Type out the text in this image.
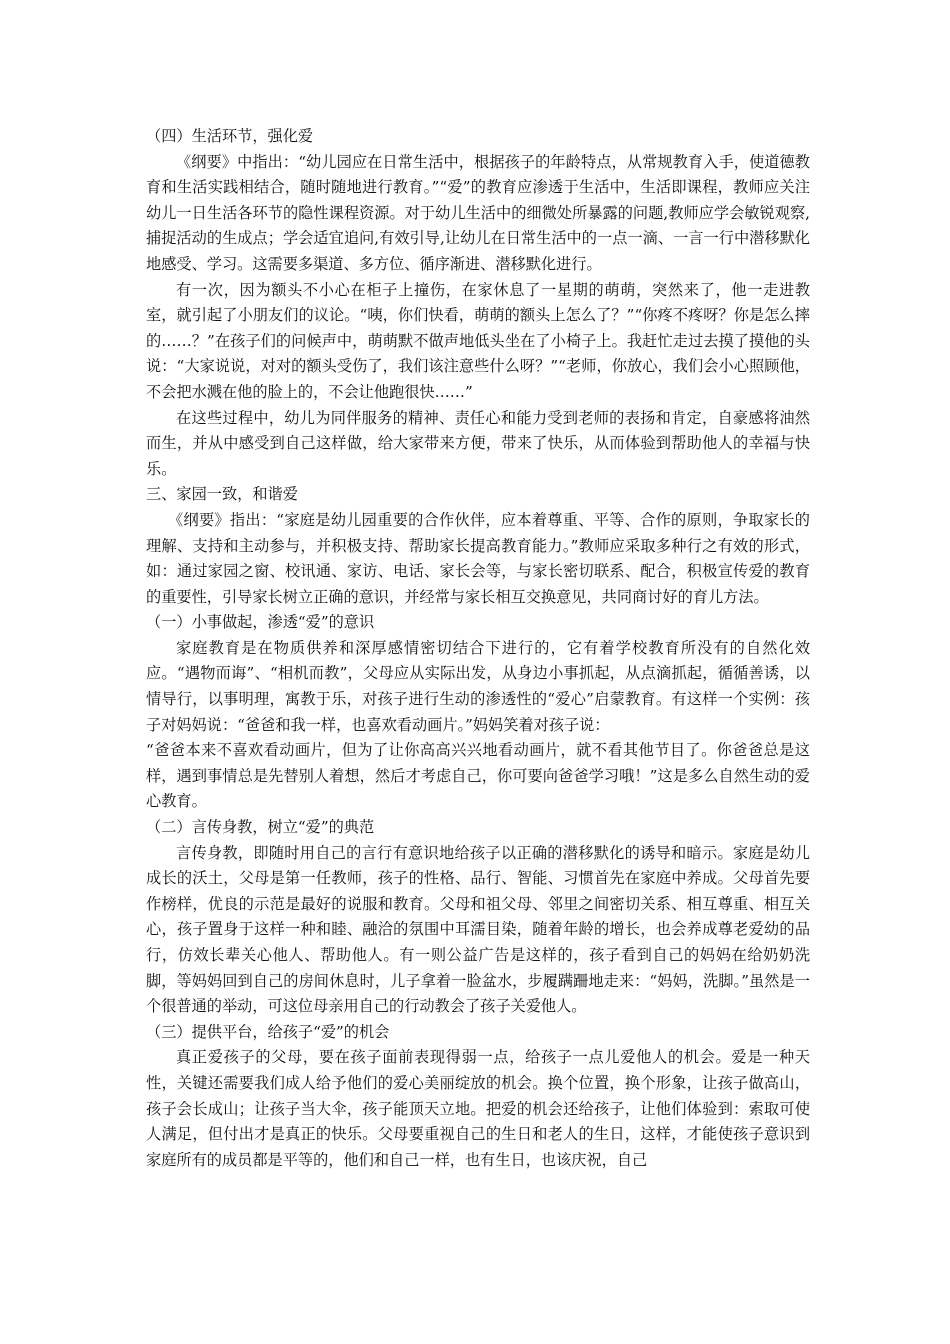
（四）生活环节，强化爱

《纲要》中指出：“幼儿园应在日常生活中，根据孩子的年龄特点，从常规教育入手，使道德教育和生活实践相结合，随时随地进行教育。”“爱”的教育应渗透于生活中，生活即课程，教师应关注幼儿一日生活各环节的隐性课程资源。对于幼儿生活中的细微处所暴露的问题,教师应学会敏锐观察,捕捉活动的生成点；学会适宜追问,有效引导,让幼儿在日常生活中的一点一滴、一言一行中潜移默化地感受、学习。这需要多渠道、多方位、循序渐进、潜移默化进行。

有一次，因为额头不小心在柜子上撞伤，在家休息了一星期的萌萌，突然来了，他一走进教室，就引起了小朋友们的议论。“咦，你们快看，萌萌的额头上怎么了？”“你疼不疼呀？你是怎么摔的……？”在孩子们的问候声中，萌萌默不做声地低头坐在了小椅子上。我赶忙走过去摸了摸他的头说：“大家说说，对对的额头受伤了，我们该注意些什么呀？”“老师，你放心，我们会小心照顾他，不会把水溅在他的脸上的，不会让他跑很快……”

在这些过程中，幼儿为同伴服务的精神、责任心和能力受到老师的表扬和肯定，自豪感将油然而生，并从中感受到自己这样做，给大家带来方便，带来了快乐，从而体验到帮助他人的幸福与快乐。

三、家园一致，和谐爱

《纲要》指出：“家庭是幼儿园重要的合作伙伴，应本着尊重、平等、合作的原则，争取家长的理解、支持和主动参与，并积极支持、帮助家长提高教育能力。”教师应采取多种行之有效的形式，如：通过家园之窗、校讯通、家访、电话、家长会等，与家长密切联系、配合，积极宣传爱的教育的重要性，引导家长树立正确的意识，并经常与家长相互交换意见，共同商讨好的育儿方法。

（一）小事做起，渗透“爱”的意识

家庭教育是在物质供养和深厚感情密切结合下进行的，它有着学校教育所没有的自然化效应。“遇物而诲”、“相机而教”，父母应从实际出发，从身边小事抓起，从点滴抓起，循循善诱，以情导行，以事明理，寓教于乐，对孩子进行生动的渗透性的“爱心”启蒙教育。有这样一个实例：孩子对妈妈说：“爸爸和我一样，也喜欢看动画片。”妈妈笑着对孩子说：

“爸爸本来不喜欢看动画片，但为了让你高高兴兴地看动画片，就不看其他节目了。你爸爸总是这样，遇到事情总是先替别人着想，然后才考虑自己，你可要向爸爸学习哦！”这是多么自然生动的爱心教育。

（二）言传身教，树立“爱”的典范

言传身教，即随时用自己的言行有意识地给孩子以正确的潜移默化的诱导和暗示。家庭是幼儿成长的沃土，父母是第一任教师，孩子的性格、品行、智能、习惯首先在家庭中养成。父母首先要作榜样，优良的示范是最好的说服和教育。父母和祖父母、邻里之间密切关系、相互尊重、相互关心，孩子置身于这样一种和睦、融洽的氛围中耳濡目染，随着年龄的增长，也会养成尊老爱幼的品行，仿效长辈关心他人、帮助他人。有一则公益广告是这样的，孩子看到自己的妈妈在给奶奶洗脚，等妈妈回到自己的房间休息时，儿子拿着一脸盆水，步履蹒跚地走来：“妈妈，洗脚。”虽然是一个很普通的举动，可这位母亲用自己的行动教会了孩子关爱他人。

（三）提供平台，给孩子“爱”的机会

真正爱孩子的父母，要在孩子面前表现得弱一点，给孩子一点儿爱他人的机会。爱是一种天性，关键还需要我们成人给予他们的爱心美丽绽放的机会。换个位置，换个形象，让孩子做高山，孩子会长成山；让孩子当大伞，孩子能顶天立地。把爱的机会还给孩子，让他们体验到：索取可使人满足，但付出才是真正的快乐。父母要重视自己的生日和老人的生日，这样，才能使孩子意识到家庭所有的成员都是平等的，他们和自己一样，也有生日，也该庆祝，自己
